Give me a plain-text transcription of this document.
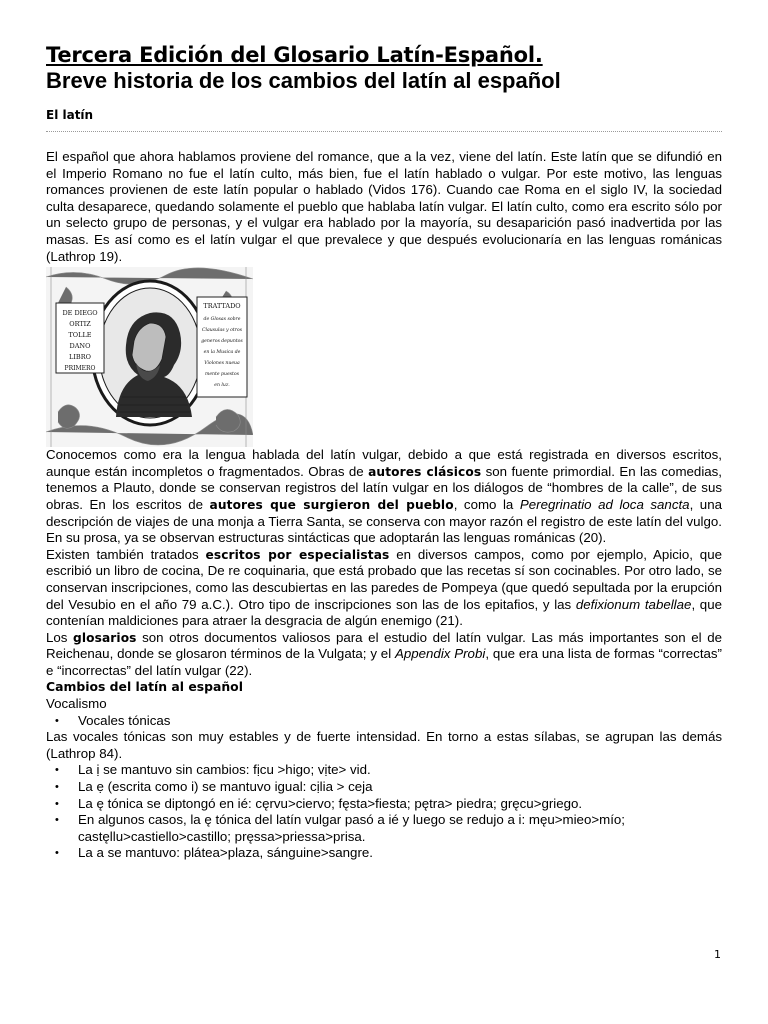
Tercera Edición del Glosario Latín-Español.
Breve historia de los cambios del latín al español
El latín

El español que ahora hablamos proviene del romance, que a la vez, viene del latín. Este latín que se difundió en el Imperio Romano no fue el latín culto, más bien, fue el latín hablado o vulgar. Por este motivo, las lenguas romances provienen de este latín popular o hablado (Vidos 176). Cuando cae Roma en el siglo IV, la sociedad culta desaparece, quedando solamente el pueblo que hablaba latín vulgar. El latín culto, como era escrito sólo por un selecto grupo de personas, y el vulgar era hablado por la mayoría, su desaparición pasó inadvertida por las masas. Es así como es el latín vulgar el que prevalece y que después evolucionaría en las lenguas románicas (Lathrop 19).

DE DIEGO
ORTIZ
TOLLE
DANO
LIBRO
PRIMERO
TRATTADO
de Glosas sobre
Clausulas y otros
generos depuntos
en la Musica de
Violones nueua
mente puestos
en luz.

Conocemos como era la lengua hablada del latín vulgar, debido a que está registrada en diversos escritos, aunque están incompletos o fragmentados. Obras de autores clásicos son fuente primordial. En las comedias, tenemos a Plauto, donde se conservan registros del latín vulgar en los diálogos de “hombres de la calle”, de sus obras. En los escritos de autores que surgieron del pueblo, como la Peregrinatio ad loca sancta, una descripción de viajes de una monja a Tierra Santa, se conserva con mayor razón el registro de este latín del vulgo. En su prosa, ya se observan estructuras sintácticas que adoptarán las lenguas románicas (20).

Existen también tratados escritos por especialistas en diversos campos, como por ejemplo, Apicio, que escribió un libro de cocina, De re coquinaria, que está probado que las recetas sí son cocinables. Por otro lado, se conservan inscripciones, como las descubiertas en las paredes de Pompeya (que quedó sepultada por la erupción del Vesubio en el año 79 a.C.). Otro tipo de inscripciones son las de los epitafios, y las defixionum tabellae, que contenían maldiciones para atraer la desgracia de algún enemigo (21).

Los glosarios son otros documentos valiosos para el estudio del latín vulgar. Las más importantes son el de Reichenau, donde se glosaron términos de la Vulgata; y el Appendix Probi, que era una lista de formas “correctas” e “incorrectas” del latín vulgar (22).

Cambios del latín al español
Vocalismo
• Vocales tónicas

Las vocales tónicas son muy estables y de fuerte intensidad. En torno a estas sílabas, se agrupan las demás (Lathrop 84).

• La ị se mantuvo sin cambios: fịcu >higo; vịte> vid.
• La ẹ (escrita como i) se mantuvo igual: cịlia > ceja
• La ę tónica se diptongó en ié: cęrvu>ciervo; fęsta>fiesta; pętra> piedra; gręcu>griego.
• En algunos casos, la ę tónica del latín vulgar pasó a ié y luego se redujo a i: męu>mieo>mío; castęllu>castiello>castillo; pręssa>priessa>prisa.
• La a se mantuvo: plátea>plaza, sánguine>sangre.
1
